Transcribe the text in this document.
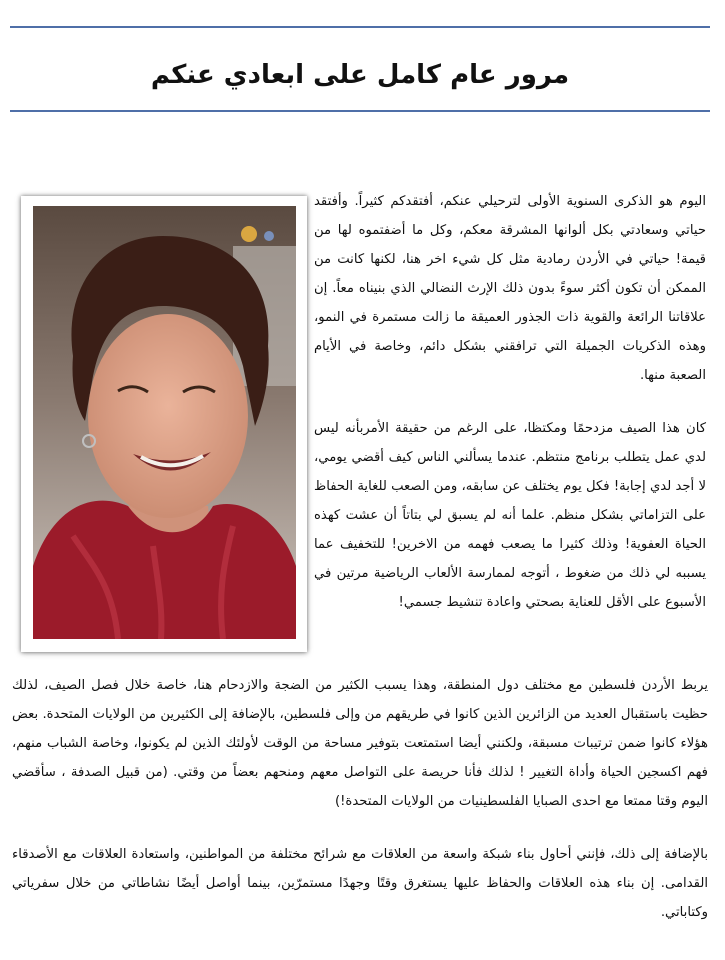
مرور عام كامل على ابعادي عنكم

اليوم هو الذكرى السنوية الأولى لترحيلي عنكم، أفتقدكم كثيراً. وأفتقد حياتي وسعادتي بكل ألوانها المشرقة معكم، وكل ما أضفتموه لها من قيمة! حياتي في الأردن رمادية مثل كل شيء اخر هنا، لكنها كانت من الممكن أن تكون أكثر سوءً بدون ذلك الإرث النضالي الذي بنيناه معاً. إن علاقاتنا الرائعة والقوية ذات الجذور العميقة ما زالت مستمرة في النمو، وهذه الذكريات الجميلة التي ترافقني بشكل دائم، وخاصة في الأيام الصعبة منها.

كان هذا الصيف مزدحمًا ومكتظا، على الرغم من حقيقة الأمربأنه ليس لدي عمل يتطلب برنامج منتظم. عندما يسألني الناس كيف أقضي يومي، لا أجد لدي إجابة! فكل يوم يختلف عن سابقه، ومن الصعب للغاية الحفاظ على التزاماتي بشكل منظم. علما أنه لم يسبق لي بتاتاً أن عشت كهذه الحياة العفوية! وذلك كثيرا ما يصعب فهمه من الاخرين! للتخفيف عما يسببه لي ذلك من ضغوط ، أتوجه لممارسة الألعاب الرياضية مرتين في الأسبوع على الأقل للعناية بصحتي واعادة تنشيط جسمي!

يربط الأردن فلسطين مع مختلف دول المنطقة، وهذا يسبب الكثير من الضجة والازدحام هنا، خاصة خلال فصل الصيف، لذلك حظيت باستقبال العديد من الزائرين الذين كانوا في طريقهم من وإلى فلسطين، بالإضافة إلى الكثيرين من الولايات المتحدة. بعض هؤلاء كانوا ضمن ترتيبات مسبقة، ولكنني أيضا استمتعت بتوفير مساحة من الوقت لأولئك الذين لم يكونوا، وخاصة الشباب منهم، فهم اكسجين الحياة وأداة التغيير ! لذلك فأنا حريصة على التواصل معهم ومنحهم بعضاً من وقتي. (من قبيل الصدفة ، سأقضي اليوم وقتا ممتعا مع احدى الصبايا الفلسطينيات من الولايات المتحدة!)

بالإضافة إلى ذلك، فإنني أحاول بناء شبكة واسعة من العلاقات مع شرائح مختلفة من المواطنين، واستعادة العلاقات مع الأصدقاء القدامى. إن بناء هذه العلاقات والحفاظ عليها يستغرق وقتًا وجهدًا مستمرّين، بينما أواصل أيضًا نشاطاتي من خلال سفرياتي وكتاباتي.
